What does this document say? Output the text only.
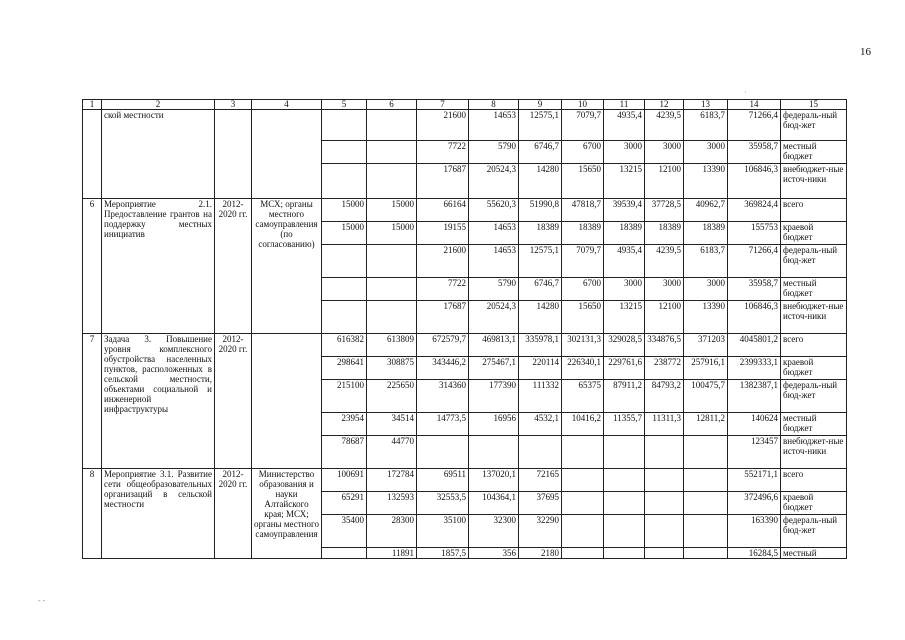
16
1	2	3	4	5	6	7	8	9	10	11	12	13	14	15
	ской местности					21600	14653	12575,1	7079,7	4935,4	4239,5	6183,7	71266,4	федераль-ный бюд-жет
						7722	5790	6746,7	6700	3000	3000	3000	35958,7	местный бюджет
						17687	20524,3	14280	15650	13215	12100	13390	106846,3	внебюджет-ные источ-ники
6	Мероприятие 2.1. Предоставление грантов на поддержку местных инициатив	2012-2020 гг.	МСХ; органы местного самоуправления (по согласованию)	15000	15000	66164	55620,3	51990,8	47818,7	39539,4	37728,5	40962,7	369824,4	всего
				15000	15000	19155	14653	18389	18389	18389	18389	18389	155753	краевой бюджет
						21600	14653	12575,1	7079,7	4935,4	4239,5	6183,7	71266,4	федераль-ный бюд-жет
						7722	5790	6746,7	6700	3000	3000	3000	35958,7	местный бюджет
						17687	20524,3	14280	15650	13215	12100	13390	106846,3	внебюджет-ные источ-ники
7	Задача 3. Повышение уровня комплексного обустройства населенных пунктов, расположенных в сельской местности, объектами социальной и инженерной инфраструктуры	2012-2020 гг.		616382	613809	672579,7	469813,1	335978,1	302131,3	329028,5	334876,5	371203	4045801,2	всего
				298641	308875	343446,2	275467,1	220114	226340,1	229761,6	238772	257916,1	2399333,1	краевой бюджет
				215100	225650	314360	177390	111332	65375	87911,2	84793,2	100475,7	1382387,1	федераль-ный бюд-жет
				23954	34514	14773,5	16956	4532,1	10416,2	11355,7	11311,3	12811,2	140624	местный бюджет
				78687	44770								123457	внебюджет-ные источ-ники
8	Мероприятие 3.1. Развитие сети общеобразовательных организаций в сельской местности	2012-2020 гг.	Министерство образования и науки Алтайского края; МСХ; органы местного самоуправления	100691	172784	69511	137020,1	72165					552171,1	всего
				65291	132593	32553,5	104364,1	37695					372496,6	краевой бюджет
				35400	28300	35100	32300	32290					163390	федераль-ный бюд-жет
					11891	1857,5	356	2180					16284,5	местный
·
‐ ‐
